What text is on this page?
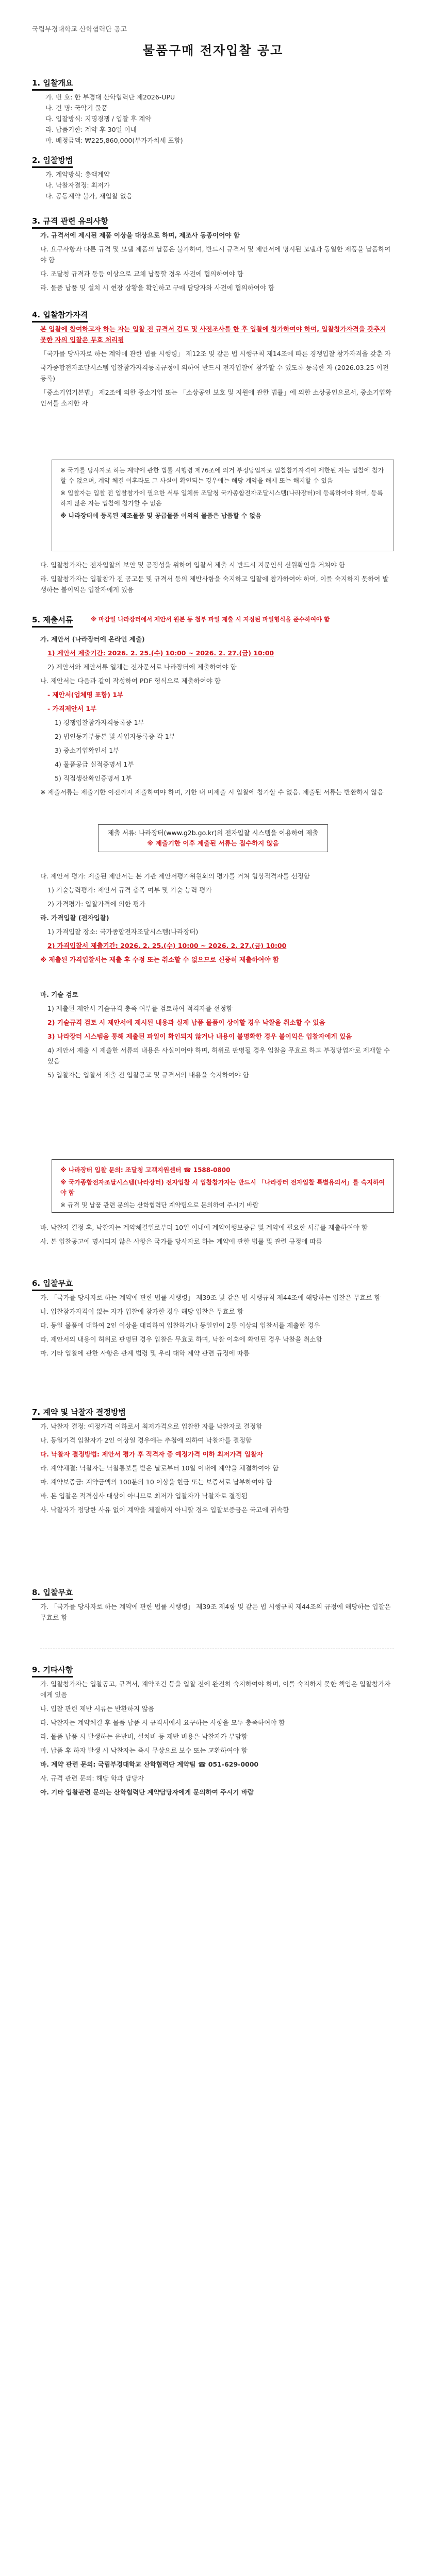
국립부경대학교 산학협력단 공고
물품구매 전자입찰 공고
1. 입찰개요
가. 번 호: 한 부경대 산학협력단 제2026-UPU
나. 건 명: 국악기 물품
다. 입찰방식: 지명경쟁 / 입찰 후 계약
라. 납품기한: 계약 후 30일 이내
마. 배정금액: ₩225,860,000(부가가치세 포함)
2. 입찰방법
가. 계약방식: 총액계약
나. 낙찰자결정: 최저가
다. 공동계약 불가, 재입찰 없음
3. 규격 관련 유의사항

가. 규격서에 제시된 제품 이상을 대상으로 하며, 제조사 동종이어야 함

나. 요구사항과 다른 규격 및 모델 제품의 납품은 불가하며, 반드시 규격서 및 제안서에 명시된 모델과 동일한 제품을 납품하여야 함

다. 조달청 규격과 동등 이상으로 교체 납품할 경우 사전에 협의하여야 함

라. 물품 납품 및 설치 시 현장 상황을 확인하고 구매 담당자와 사전에 협의하여야 함

4. 입찰참가자격

본 입찰에 참여하고자 하는 자는 입찰 전 규격서 검토 및 사전조사를 한 후 입찰에 참가하여야 하며, 입찰참가자격을 갖추지 못한 자의 입찰은 무효 처리됨

「국가를 당사자로 하는 계약에 관한 법률 시행령」 제12조 및 같은 법 시행규칙 제14조에 따른 경쟁입찰 참가자격을 갖춘 자

국가종합전자조달시스템 입찰참가자격등록규정에 의하여 반드시 전자입찰에 참가할 수 있도록 등록한 자 (2026.03.25 이전 등록)

「중소기업기본법」 제2조에 의한 중소기업 또는 「소상공인 보호 및 지원에 관한 법률」에 의한 소상공인으로서, 중소기업확인서를 소지한 자

※ 국가를 당사자로 하는 계약에 관한 법률 시행령 제76조에 의거 부정당업자로 입찰참가자격이 제한된 자는 입찰에 참가할 수 없으며, 계약 체결 이후라도 그 사실이 확인되는 경우에는 해당 계약을 해제 또는 해지할 수 있음

※ 입찰자는 입찰 전 입찰참가에 필요한 서류 일체를 조달청 국가종합전자조달시스템(나라장터)에 등록하여야 하며, 등록하지 않은 자는 입찰에 참가할 수 없음

※ 나라장터에 등록된 제조물품 및 공급물품 이외의 물품은 납품할 수 없음

다. 입찰참가자는 전자입찰의 보안 및 공정성을 위하여 입찰서 제출 시 반드시 지문인식 신원확인을 거쳐야 함

라. 입찰참가자는 입찰참가 전 공고문 및 규격서 등의 제반사항을 숙지하고 입찰에 참가하여야 하며, 이를 숙지하지 못하여 발생하는 불이익은 입찰자에게 있음

5. 제출서류	※ 마감일 나라장터에서 제안서 원본 등 첨부 파일 제출 시 지정된 파일형식을 준수하여야 함

가. 제안서 (나라장터에 온라인 제출)

1) 제안서 제출기간: 2026. 2. 25.(수) 10:00 ~ 2026. 2. 27.(금) 10:00

2) 제안서와 제안서류 일체는 전자문서로 나라장터에 제출하여야 함

나. 제안서는 다음과 같이 작성하여 PDF 형식으로 제출하여야 함

- 제안서(업체명 포함) 1부

- 가격제안서 1부

1) 경쟁입찰참가자격등록증 1부

2) 법인등기부등본 및 사업자등록증 각 1부

3) 중소기업확인서 1부

4) 물품공급 실적증명서 1부

5) 직접생산확인증명서 1부

※ 제출서류는 제출기한 이전까지 제출하여야 하며, 기한 내 미제출 시 입찰에 참가할 수 없음. 제출된 서류는 반환하지 않음

제출 서류: 나라장터(www.g2b.go.kr)의 전자입찰 시스템을 이용하여 제출
※ 제출기한 이후 제출된 서류는 접수하지 않음

다. 제안서 평가: 제출된 제안서는 본 기관 제안서평가위원회의 평가를 거쳐 협상적격자를 선정함

1) 기술능력평가: 제안서 규격 충족 여부 및 기술 능력 평가

2) 가격평가: 입찰가격에 의한 평가

라. 가격입찰 (전자입찰)

1) 가격입찰 장소: 국가종합전자조달시스템(나라장터)

2) 가격입찰서 제출기간: 2026. 2. 25.(수) 10:00 ~ 2026. 2. 27.(금) 10:00

※ 제출된 가격입찰서는 제출 후 수정 또는 취소할 수 없으므로 신중히 제출하여야 함

마. 기술 검토

1) 제출된 제안서 기술규격 충족 여부를 검토하여 적격자를 선정함

2) 기술규격 검토 시 제안서에 제시된 내용과 실제 납품 물품이 상이할 경우 낙찰을 취소할 수 있음

3) 나라장터 시스템을 통해 제출된 파일이 확인되지 않거나 내용이 불명확한 경우 불이익은 입찰자에게 있음

4) 제안서 제출 시 제출한 서류의 내용은 사실이어야 하며, 허위로 판명될 경우 입찰을 무효로 하고 부정당업자로 제재할 수 있음

5) 입찰자는 입찰서 제출 전 입찰공고 및 규격서의 내용을 숙지하여야 함

※ 나라장터 입찰 문의: 조달청 고객지원센터 ☎ 1588-0800

※ 국가종합전자조달시스템(나라장터) 전자입찰 시 입찰참가자는 반드시 「나라장터 전자입찰 특별유의서」를 숙지하여야 함

※ 규격 및 납품 관련 문의는 산학협력단 계약팀으로 문의하여 주시기 바람

바. 낙찰자 결정 후, 낙찰자는 계약체결일로부터 10일 이내에 계약이행보증금 및 계약에 필요한 서류를 제출하여야 함

사. 본 입찰공고에 명시되지 않은 사항은 국가를 당사자로 하는 계약에 관한 법률 및 관련 규정에 따름

6. 입찰무효

가. 「국가를 당사자로 하는 계약에 관한 법률 시행령」 제39조 및 같은 법 시행규칙 제44조에 해당하는 입찰은 무효로 함

나. 입찰참가자격이 없는 자가 입찰에 참가한 경우 해당 입찰은 무효로 함

다. 동일 물품에 대하여 2인 이상을 대리하여 입찰하거나 동일인이 2통 이상의 입찰서를 제출한 경우

라. 제안서의 내용이 허위로 판명된 경우 입찰은 무효로 하며, 낙찰 이후에 확인된 경우 낙찰을 취소함

마. 기타 입찰에 관한 사항은 관계 법령 및 우리 대학 계약 관련 규정에 따름

7. 계약 및 낙찰자 결정방법

가. 낙찰자 결정: 예정가격 이하로서 최저가격으로 입찰한 자를 낙찰자로 결정함

나. 동일가격 입찰자가 2인 이상일 경우에는 추첨에 의하여 낙찰자를 결정함

다. 낙찰자 결정방법: 제안서 평가 후 적격자 중 예정가격 이하 최저가격 입찰자

라. 계약체결: 낙찰자는 낙찰통보를 받은 날로부터 10일 이내에 계약을 체결하여야 함

마. 계약보증금: 계약금액의 100분의 10 이상을 현금 또는 보증서로 납부하여야 함

바. 본 입찰은 적격심사 대상이 아니므로 최저가 입찰자가 낙찰자로 결정됨

사. 낙찰자가 정당한 사유 없이 계약을 체결하지 아니할 경우 입찰보증금은 국고에 귀속함

8. 입찰무효

가. 「국가를 당사자로 하는 계약에 관한 법률 시행령」 제39조 제4항 및 같은 법 시행규칙 제44조의 규정에 해당하는 입찰은 무효로 함

9. 기타사항

가. 입찰참가자는 입찰공고, 규격서, 계약조건 등을 입찰 전에 완전히 숙지하여야 하며, 이를 숙지하지 못한 책임은 입찰참가자에게 있음

나. 입찰 관련 제반 서류는 반환하지 않음

다. 낙찰자는 계약체결 후 물품 납품 시 규격서에서 요구하는 사항을 모두 충족하여야 함

라. 물품 납품 시 발생하는 운반비, 설치비 등 제반 비용은 낙찰자가 부담함

마. 납품 후 하자 발생 시 낙찰자는 즉시 무상으로 보수 또는 교환하여야 함

바. 계약 관련 문의: 국립부경대학교 산학협력단 계약팀 ☎ 051-629-0000

사. 규격 관련 문의: 해당 학과 담당자

아. 기타 입찰관련 문의는 산학협력단 계약담당자에게 문의하여 주시기 바람
